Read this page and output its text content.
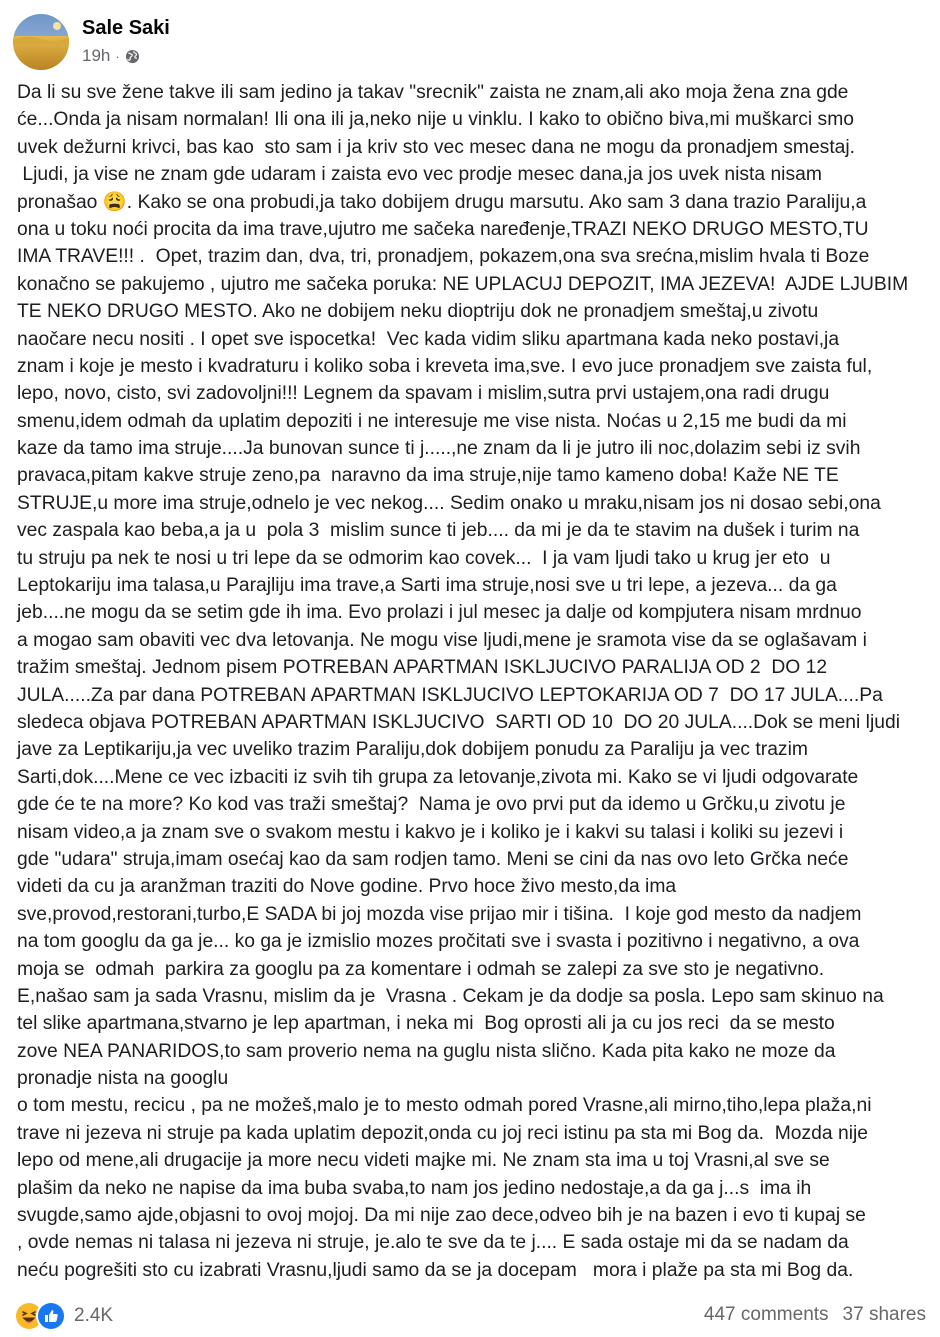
Sale Saki
19h ·
Da li su sve žene takve ili sam jedino ja takav "srecnik" zaista ne znam,ali ako moja žena zna gde
će...Onda ja nisam normalan! Ili ona ili ja,neko nije u vinklu. I kako to obično biva,mi muškarci smo
uvek dežurni krivci, bas kao  sto sam i ja kriv sto vec mesec dana ne mogu da pronadjem smestaj.
Ljudi, ja vise ne znam gde udaram i zaista evo vec prodje mesec dana,ja jos uvek nista nisam
pronašao 😩. Kako se ona probudi,ja tako dobijem drugu marsutu. Ako sam 3 dana trazio Paraliju,a
ona u toku noći procita da ima trave,ujutro me sačeka naređenje,TRAZI NEKO DRUGO MESTO,TU
IMA TRAVE!!! .  Opet, trazim dan, dva, tri, pronadjem, pokazem,ona sva srećna,mislim hvala ti Boze
konačno se pakujemo , ujutro me sačeka poruka: NE UPLACUJ DEPOZIT, IMA JEZEVA!  AJDE LJUBIM
TE NEKO DRUGO MESTO. Ako ne dobijem neku dioptriju dok ne pronadjem smeštaj,u zivotu
naočare necu nositi . I opet sve ispocetka!  Vec kada vidim sliku apartmana kada neko postavi,ja
znam i koje je mesto i kvadraturu i koliko soba i kreveta ima,sve. I evo juce pronadjem sve zaista ful,
lepo, novo, cisto, svi zadovoljni!!! Legnem da spavam i mislim,sutra prvi ustajem,ona radi drugu
smenu,idem odmah da uplatim depoziti i ne interesuje me vise nista. Noćas u 2,15 me budi da mi
kaze da tamo ima struje....Ja bunovan sunce ti j.....,ne znam da li je jutro ili noc,dolazim sebi iz svih
pravaca,pitam kakve struje zeno,pa  naravno da ima struje,nije tamo kameno doba! Kaže NE TE
STRUJE,u more ima struje,odnelo je vec nekog.... Sedim onako u mraku,nisam jos ni dosao sebi,ona
vec zaspala kao beba,a ja u  pola 3  mislim sunce ti jeb.... da mi je da te stavim na dušek i turim na
tu struju pa nek te nosi u tri lepe da se odmorim kao covek...  I ja vam ljudi tako u krug jer eto  u
Leptokariju ima talasa,u Parajliju ima trave,a Sarti ima struje,nosi sve u tri lepe, a jezeva... da ga
jeb....ne mogu da se setim gde ih ima. Evo prolazi i jul mesec ja dalje od kompjutera nisam mrdnuo
a mogao sam obaviti vec dva letovanja. Ne mogu vise ljudi,mene je sramota vise da se oglašavam i
tražim smeštaj. Jednom pisem POTREBAN APARTMAN ISKLJUCIVO PARALIJA OD 2  DO 12
JULA.....Za par dana POTREBAN APARTMAN ISKLJUCIVO LEPTOKARIJA OD 7  DO 17 JULA....Pa
sledeca objava POTREBAN APARTMAN ISKLJUCIVO  SARTI OD 10  DO 20 JULA....Dok se meni ljudi
jave za Leptikariju,ja vec uveliko trazim Paraliju,dok dobijem ponudu za Paraliju ja vec trazim
Sarti,dok....Mene ce vec izbaciti iz svih tih grupa za letovanje,zivota mi. Kako se vi ljudi odgovarate
gde će te na more? Ko kod vas traži smeštaj?  Nama je ovo prvi put da idemo u Grčku,u zivotu je
nisam video,a ja znam sve o svakom mestu i kakvo je i koliko je i kakvi su talasi i koliki su jezevi i
gde "udara" struja,imam osećaj kao da sam rodjen tamo. Meni se cini da nas ovo leto Grčka neće
videti da cu ja aranžman traziti do Nove godine. Prvo hoce živo mesto,da ima
sve,provod,restorani,turbo,E SADA bi joj mozda vise prijao mir i tišina.  I koje god mesto da nadjem
na tom googlu da ga je... ko ga je izmislio mozes pročitati sve i svasta i pozitivno i negativno, a ova
moja se  odmah  parkira za googlu pa za komentare i odmah se zalepi za sve sto je negativno.
E,našao sam ja sada Vrasnu, mislim da je  Vrasna . Cekam je da dodje sa posla. Lepo sam skinuo na
tel slike apartmana,stvarno je lep apartman, i neka mi  Bog oprosti ali ja cu jos reci  da se mesto
zove NEA PANARIDOS,to sam proverio nema na guglu nista slično. Kada pita kako ne moze da
pronadje nista na googlu
o tom mestu, recicu , pa ne možeš,malo je to mesto odmah pored Vrasne,ali mirno,tiho,lepa plaža,ni
trave ni jezeva ni struje pa kada uplatim depozit,onda cu joj reci istinu pa sta mi Bog da.  Mozda nije
lepo od mene,ali drugacije ja more necu videti majke mi. Ne znam sta ima u toj Vrasni,al sve se
plašim da neko ne napise da ima buba svaba,to nam jos jedino nedostaje,a da ga j...s  ima ih
svugde,samo ajde,objasni to ovoj mojoj. Da mi nije zao dece,odveo bih je na bazen i evo ti kupaj se
, ovde nemas ni talasa ni jezeva ni struje, je.alo te sve da te j.... E sada ostaje mi da se nadam da
neću pogrešiti sto cu izabrati Vrasnu,ljudi samo da se ja docepam   mora i plaže pa sta mi Bog da.
2.4K	447 comments 37 shares
